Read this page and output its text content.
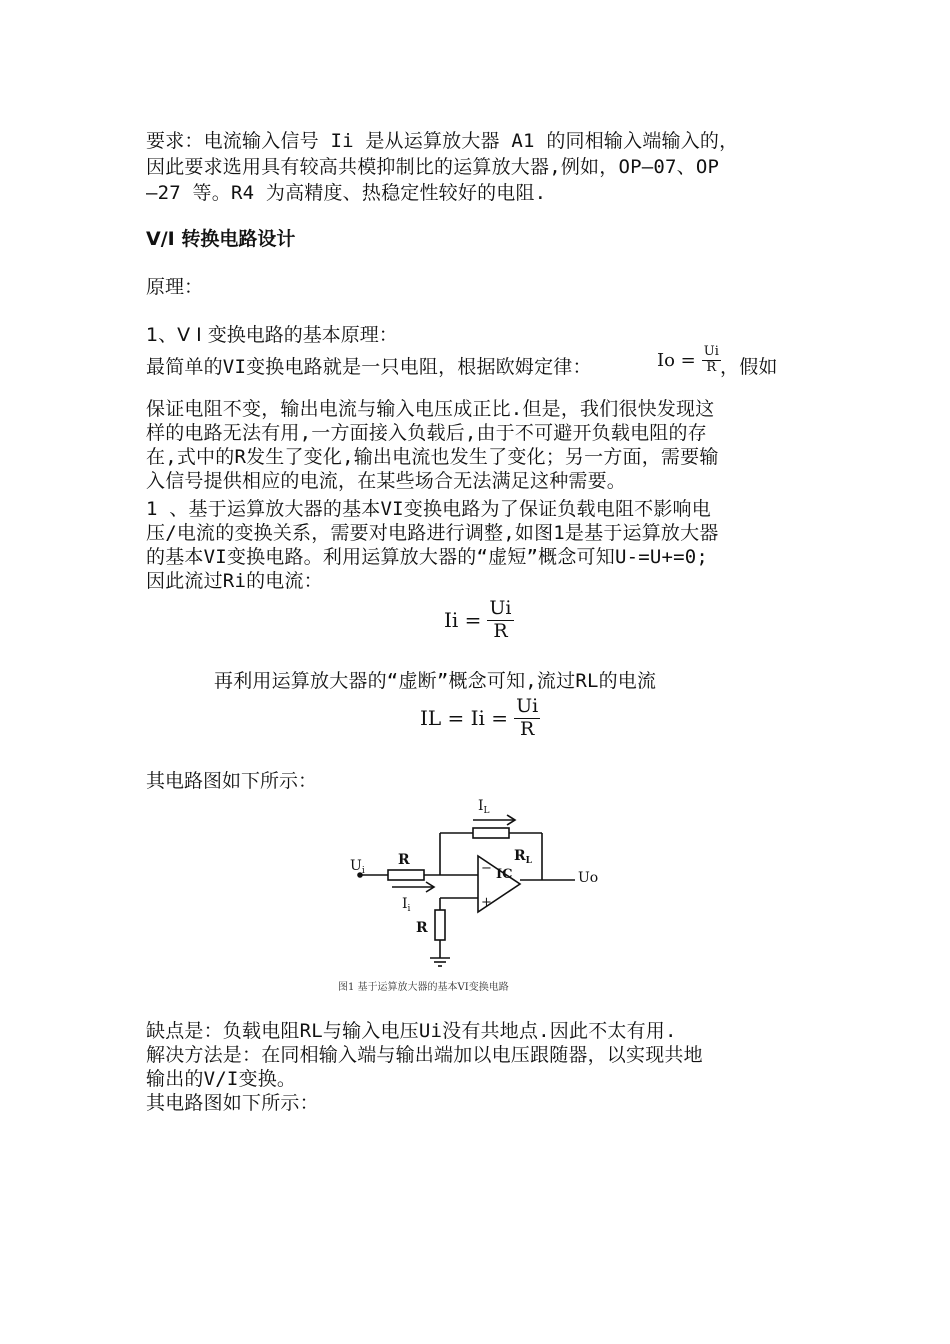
要求：电流输入信号 Ii 是从运算放大器 A1 的同相输入端输入的，
因此要求选用具有较高共模抑制比的运算放大器,例如，OP—07、OP
—27 等。R4 为高精度、热稳定性较好的电阻.
V/I 转换电路设计
原理：
1、V I 变换电路的基本原理：
最简单的VI变换电路就是一只电阻，根据欧姆定律：	$Io = \frac{Ui}{R}$ ，假如
保证电阻不变，输出电流与输入电压成正比.但是，我们很快发现这
样的电路无法有用,一方面接入负载后,由于不可避开负载电阻的存
在,式中的R发生了变化,输出电流也发生了变化；另一方面，需要输
入信号提供相应的电流，在某些场合无法满足这种需要。
1 、基于运算放大器的基本VI变换电路为了保证负载电阻不影响电
压/电流的变换关系，需要对电路进行调整,如图1是基于运算放大器
的基本VI变换电路。利用运算放大器的“虚短”概念可知U-=U+=0;
因此流过Ri的电流：
$Ii = \frac{Ui}{R}$
再利用运算放大器的“虚断”概念可知,流过RL的电流
IL = $Ii = \frac{Ui}{R}$
其电路图如下所示：
−
+
$I_L$
$R_L$
$U_i$
R
IC	Uo
$I_i$
R
图1 基于运算放大器的基本VI变换电路
缺点是：负载电阻RL与输入电压Ui没有共地点.因此不太有用.
解决方法是：在同相输入端与输出端加以电压跟随器，以实现共地
输出的V/I变换。
其电路图如下所示：
